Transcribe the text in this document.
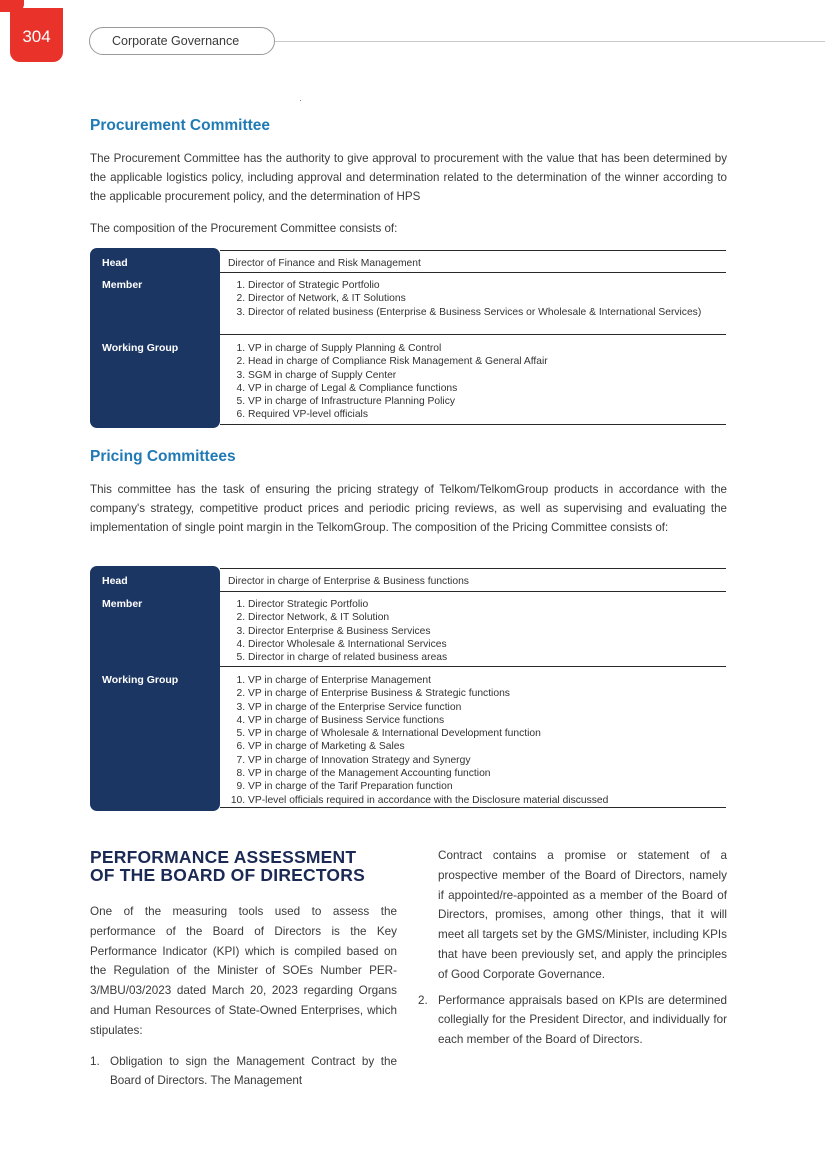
304	Corporate Governance
Procurement Committee

The Procurement Committee has the authority to give approval to procurement with the value that has been determined by the applicable logistics policy, including approval and determination related to the determination of the winner according to the applicable procurement policy, and the determination of HPS

The composition of the Procurement Committee consists of:

Head	Director of Finance and Risk Management
Member	1. Director of Strategic Portfolio
2. Director of Network, & IT Solutions
3. Director of related business (Enterprise & Business Services or Wholesale & International Services)
Working Group	1. VP in charge of Supply Planning & Control
2. Head in charge of Compliance Risk Management & General Affair
3. SGM in charge of Supply Center
4. VP in charge of Legal & Compliance functions
5. VP in charge of Infrastructure Planning Policy
6. Required VP-level officials
Pricing Committees

This committee has the task of ensuring the pricing strategy of Telkom/TelkomGroup products in accordance with the company's strategy, competitive product prices and periodic pricing reviews, as well as supervising and evaluating the implementation of single point margin in the TelkomGroup. The composition of the Pricing Committee consists of:

Head	Director in charge of Enterprise & Business functions
Member	1. Director Strategic Portfolio
2. Director Network, & IT Solution
3. Director Enterprise & Business Services
4. Director Wholesale & International Services
5. Director in charge of related business areas
Working Group	1. VP in charge of Enterprise Management
2. VP in charge of Enterprise Business & Strategic functions
3. VP in charge of the Enterprise Service function
4. VP in charge of Business Service functions
5. VP in charge of Wholesale & International Development function
6. VP in charge of Marketing & Sales
7. VP in charge of Innovation Strategy and Synergy
8. VP in charge of the Management Accounting function
9. VP in charge of the Tarif Preparation function
10. VP-level officials required in accordance with the Disclosure material discussed
PERFORMANCE ASSESSMENT
OF THE BOARD OF DIRECTORS
One of the measuring tools used to assess the performance of the Board of Directors is the Key Performance Indicator (KPI) which is compiled based on the Regulation of the Minister of SOEs Number PER-3/MBU/03/2023 dated March 20, 2023 regarding Organs and Human Resources of State-Owned Enterprises, which stipulates:
1. Obligation to sign the Management Contract by the Board of Directors. The Management
Contract contains a promise or statement of a prospective member of the Board of Directors, namely if appointed/re-appointed as a member of the Board of Directors, promises, among other things, that it will meet all targets set by the GMS/Minister, including KPIs that have been previously set, and apply the principles of Good Corporate Governance.
2. Performance appraisals based on KPIs are determined collegially for the President Director, and individually for each member of the Board of Directors.
